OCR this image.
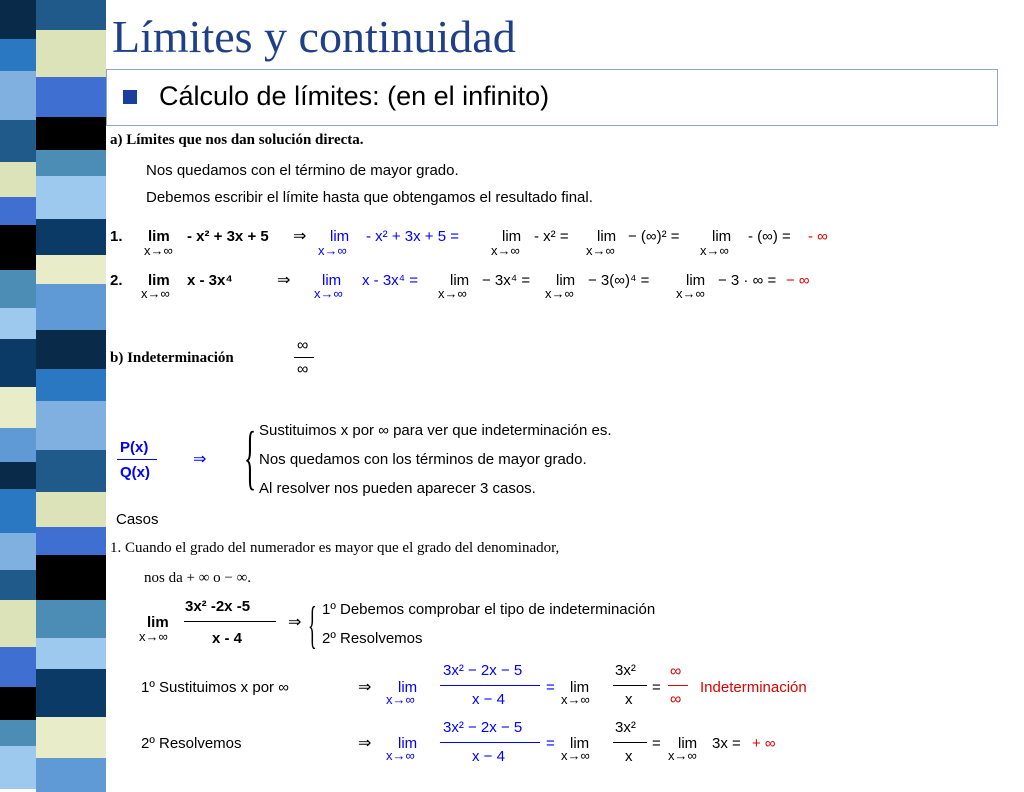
Límites y continuidad
Cálculo de límites: (en el infinito)
a) Límites que nos dan solución directa.
Nos quedamos con el término de mayor grado.
Debemos escribir el límite hasta que obtengamos el resultado final.
1. lim
x→∞
- x² + 3x + 5 ⇒ lim
x→∞
- x² + 3x + 5 =	lim
x→∞
- x² = lim
x→∞
− (∞)² = lim
x→∞
- (∞) = - ∞
2. lim
x→∞
x - 3x⁴	⇒ lim
x→∞
x - 3x⁴ = lim
x→∞
− 3x⁴ = lim
x→∞
− 3(∞)⁴ = lim
x→∞
− 3 · ∞ = − ∞
b) Indeterminación
∞
∞
P(x)
Q(x)
⇒ { Sustituimos x por ∞ para ver que indeterminación es.
Nos quedamos con los términos de mayor grado.
Al resolver nos pueden aparecer 3 casos.
Casos
1. Cuando el grado del numerador es mayor que el grado del denominador,
nos da + ∞ o − ∞.
lim
x→∞
3x² -2x -5
x - 4
⇒ { 1º Debemos comprobar el tipo de indeterminación
2º Resolvemos
1º Sustituimos x por ∞	⇒ lim
x→∞
3x² − 2x − 5
x − 4
= lim
x→∞
3x²
x
=
∞
∞
Indeterminación
2º Resolvemos	⇒ lim
x→∞
3x² − 2x − 5
x − 4
= lim
x→∞
3x²
x
= lim
x→∞
3x = + ∞
